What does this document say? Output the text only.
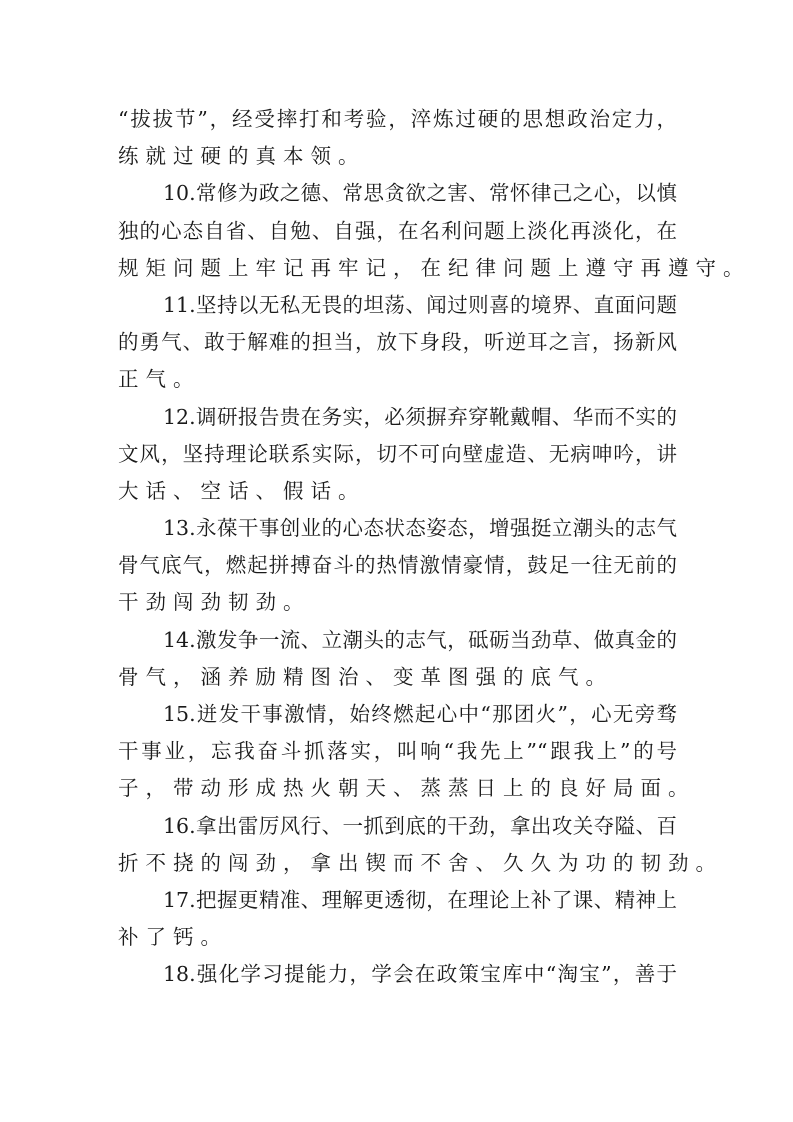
“拔拔节”，经受摔打和考验，淬炼过硬的思想政治定力，
练就过硬的真本领。
10.常修为政之德、常思贪欲之害、常怀律己之心，以慎
独的心态自省、自勉、自强，在名利问题上淡化再淡化，在
规矩问题上牢记再牢记，在纪律问题上遵守再遵守。
11.坚持以无私无畏的坦荡、闻过则喜的境界、直面问题
的勇气、敢于解难的担当，放下身段，听逆耳之言，扬新风
正气。
12.调研报告贵在务实，必须摒弃穿靴戴帽、华而不实的
文风，坚持理论联系实际，切不可向壁虚造、无病呻吟，讲
大话、空话、假话。
13.永葆干事创业的心态状态姿态，增强挺立潮头的志气
骨气底气，燃起拼搏奋斗的热情激情豪情，鼓足一往无前的
干劲闯劲韧劲。
14.激发争一流、立潮头的志气，砥砺当劲草、做真金的
骨气，涵养励精图治、变革图强的底气。
15.迸发干事激情，始终燃起心中“那团火”，心无旁骛
干事业，忘我奋斗抓落实，叫响“我先上”“跟我上”的号
子，带动形成热火朝天、蒸蒸日上的良好局面。
16.拿出雷厉风行、一抓到底的干劲，拿出攻关夺隘、百
折不挠的闯劲，拿出锲而不舍、久久为功的韧劲。
17.把握更精准、理解更透彻，在理论上补了课、精神上
补了钙。
18.强化学习提能力，学会在政策宝库中“淘宝”，善于
